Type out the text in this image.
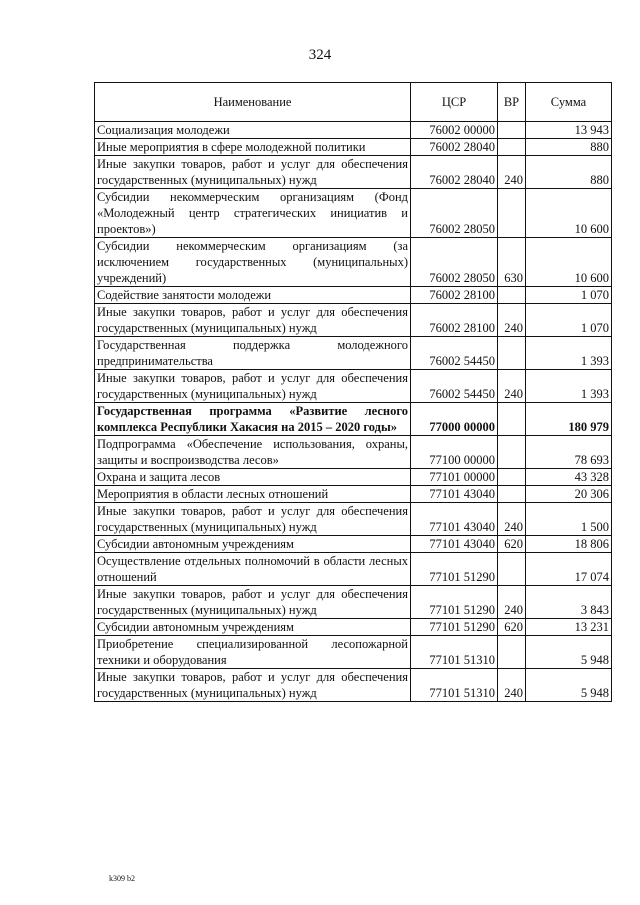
324
Наименование	ЦСР	ВР	Сумма
Социализация молодежи	76002 00000		13 943
Иные мероприятия в сфере молодежной политики	76002 28040		880
Иные закупки товаров, работ и услуг для обеспечения государственных (муниципальных) нужд	76002 28040	240	880
Субсидии некоммерческим организациям (Фонд «Молодежный центр стратегических инициатив и проектов»)	76002 28050		10 600
Субсидии некоммерческим организациям (за исключением государственных (муниципальных) учреждений)	76002 28050	630	10 600
Содействие занятости молодежи	76002 28100		1 070
Иные закупки товаров, работ и услуг для обеспечения государственных (муниципальных) нужд	76002 28100	240	1 070
Государственная поддержка молодежного предпринимательства	76002 54450		1 393
Иные закупки товаров, работ и услуг для обеспечения государственных (муниципальных) нужд	76002 54450	240	1 393
Государственная программа «Развитие лесного комплекса Республики Хакасия на 2015 – 2020 годы»	77000 00000		180 979
Подпрограмма «Обеспечение использования, охраны, защиты и воспроизводства лесов»	77100 00000		78 693
Охрана и защита лесов	77101 00000		43 328
Мероприятия в области лесных отношений	77101 43040		20 306
Иные закупки товаров, работ и услуг для обеспечения государственных (муниципальных) нужд	77101 43040	240	1 500
Субсидии автономным учреждениям	77101 43040	620	18 806
Осуществление отдельных полномочий в области лесных отношений	77101 51290		17 074
Иные закупки товаров, работ и услуг для обеспечения государственных (муниципальных) нужд	77101 51290	240	3 843
Субсидии автономным учреждениям	77101 51290	620	13 231
Приобретение специализированной лесопожарной техники и оборудования	77101 51310		5 948
Иные закупки товаров, работ и услуг для обеспечения государственных (муниципальных) нужд	77101 51310	240	5 948
k309 b2
